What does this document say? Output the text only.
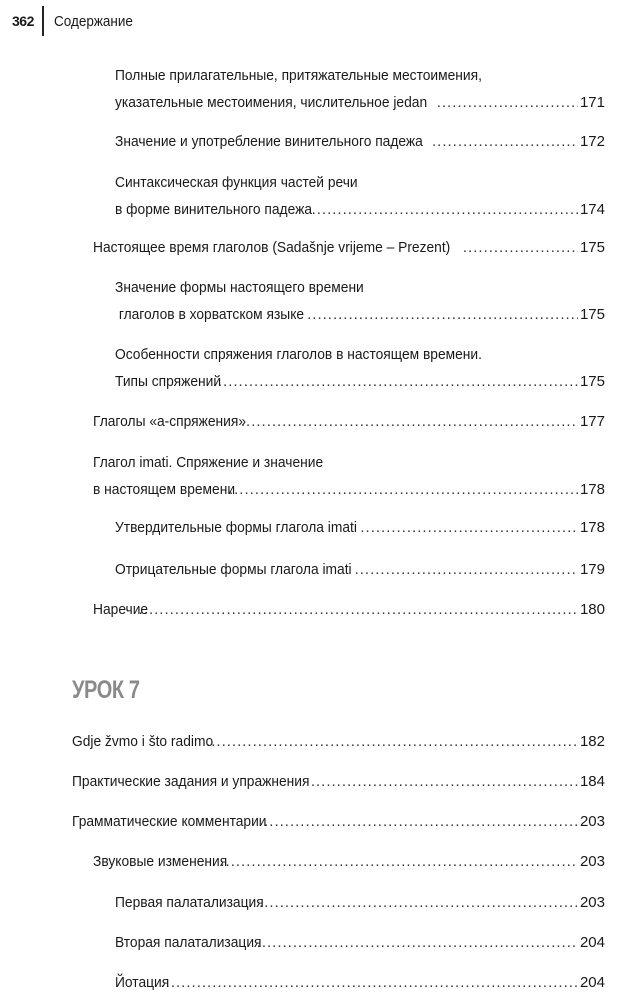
362 Содержание
Полные прилагательные, притяжательные местоимения,
указательные местоимения, числительное jedan .....	171
Значение и употребление винительного падежа .....	172
Синтаксическая функция частей речи
в форме винительного падежа .....	174
Настоящее время глаголов (Sadašnje vrijeme – Prezent) .....	175
Значение формы настоящего времени
глаголов в хорватском языке .....	175
Особенности спряжения глаголов в настоящем времени.
Типы спряжений .....	175
Глаголы «а-спряжения» .....	177
Глагол imati. Спряжение и значение
в настоящем времени .....	178
Утвердительные формы глагола imati .....	178
Отрицательные формы глагола imati .....	179
Наречие .....	180
УРОК 7
Gdje žvmo i što radimo .....	182
Практические задания и упражнения .....	184
Грамматические комментарии .....	203
Звуковые изменения .....	203
Первая палатализация .....	203
Вторая палатализация .....	204
Йотация .....	204
